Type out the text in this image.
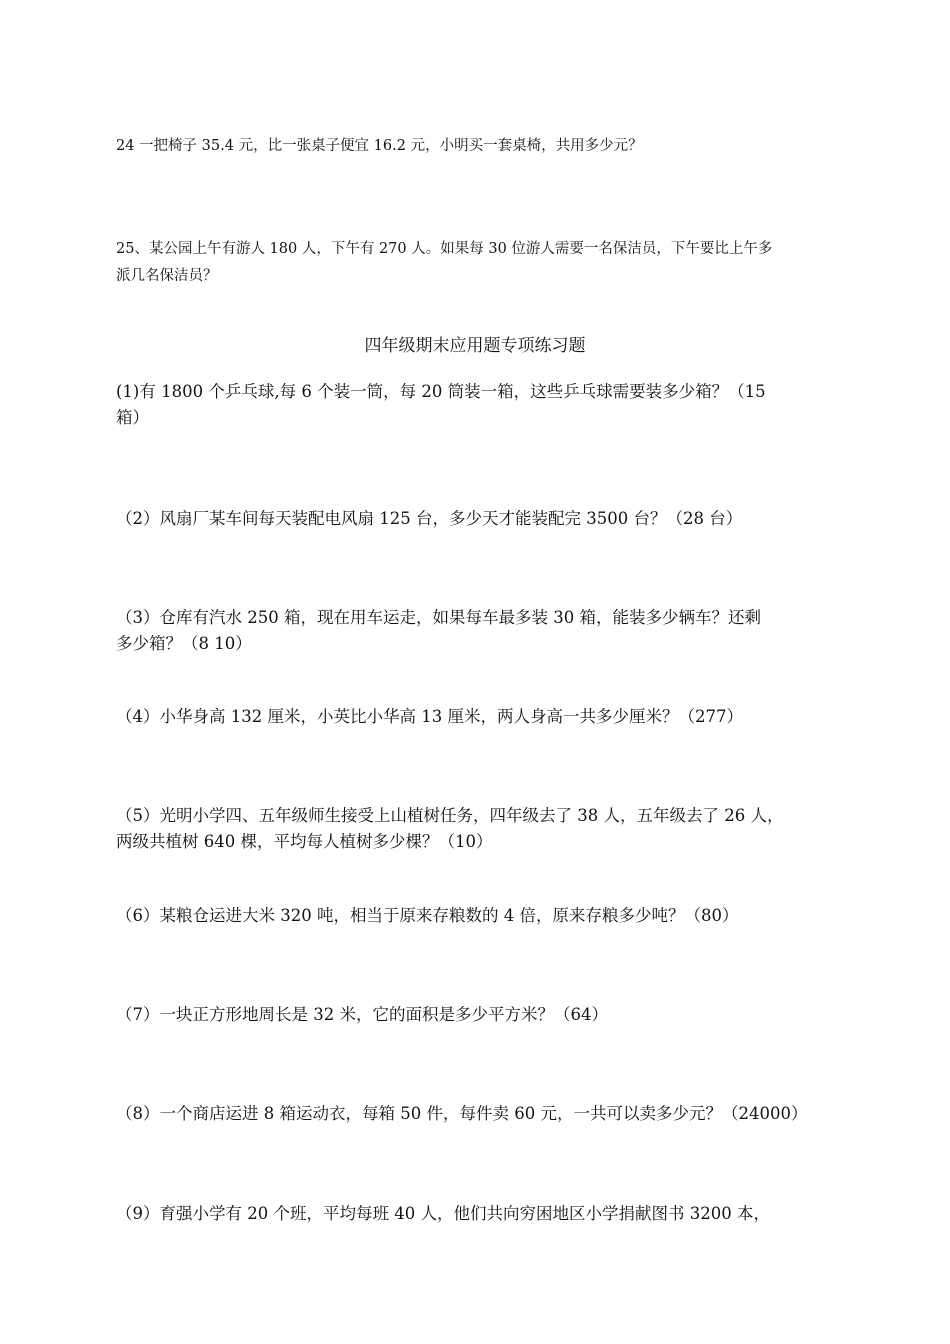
24 一把椅子 35.4 元，比一张桌子便宜 16.2 元，小明买一套桌椅，共用多少元？
25、某公园上午有游人 180 人，下午有 270 人。如果每 30 位游人需要一名保洁员，下午要比上午多
派几名保洁员？
四年级期末应用题专项练习题
(1)有 1800 个乒乓球,每 6 个装一筒，每 20 筒装一箱，这些乒乓球需要装多少箱？（15
箱）
（2）风扇厂某车间每天装配电风扇 125 台，多少天才能装配完 3500 台？（28 台）
（3）仓库有汽水 250 箱，现在用车运走，如果每车最多装 30 箱，能装多少辆车？还剩
多少箱？（8 10）
（4）小华身高 132 厘米，小英比小华高 13 厘米，两人身高一共多少厘米？（277）
（5）光明小学四、五年级师生接受上山植树任务，四年级去了 38 人，五年级去了 26 人，
两级共植树 640 棵，平均每人植树多少棵？（10）
（6）某粮仓运进大米 320 吨，相当于原来存粮数的 4 倍，原来存粮多少吨？（80）
（7）一块正方形地周长是 32 米，它的面积是多少平方米？（64）
（8）一个商店运进 8 箱运动衣，每箱 50 件，每件卖 60 元，一共可以卖多少元？（24000）
（9）育强小学有 20 个班，平均每班 40 人，他们共向穷困地区小学捐献图书 3200 本，
